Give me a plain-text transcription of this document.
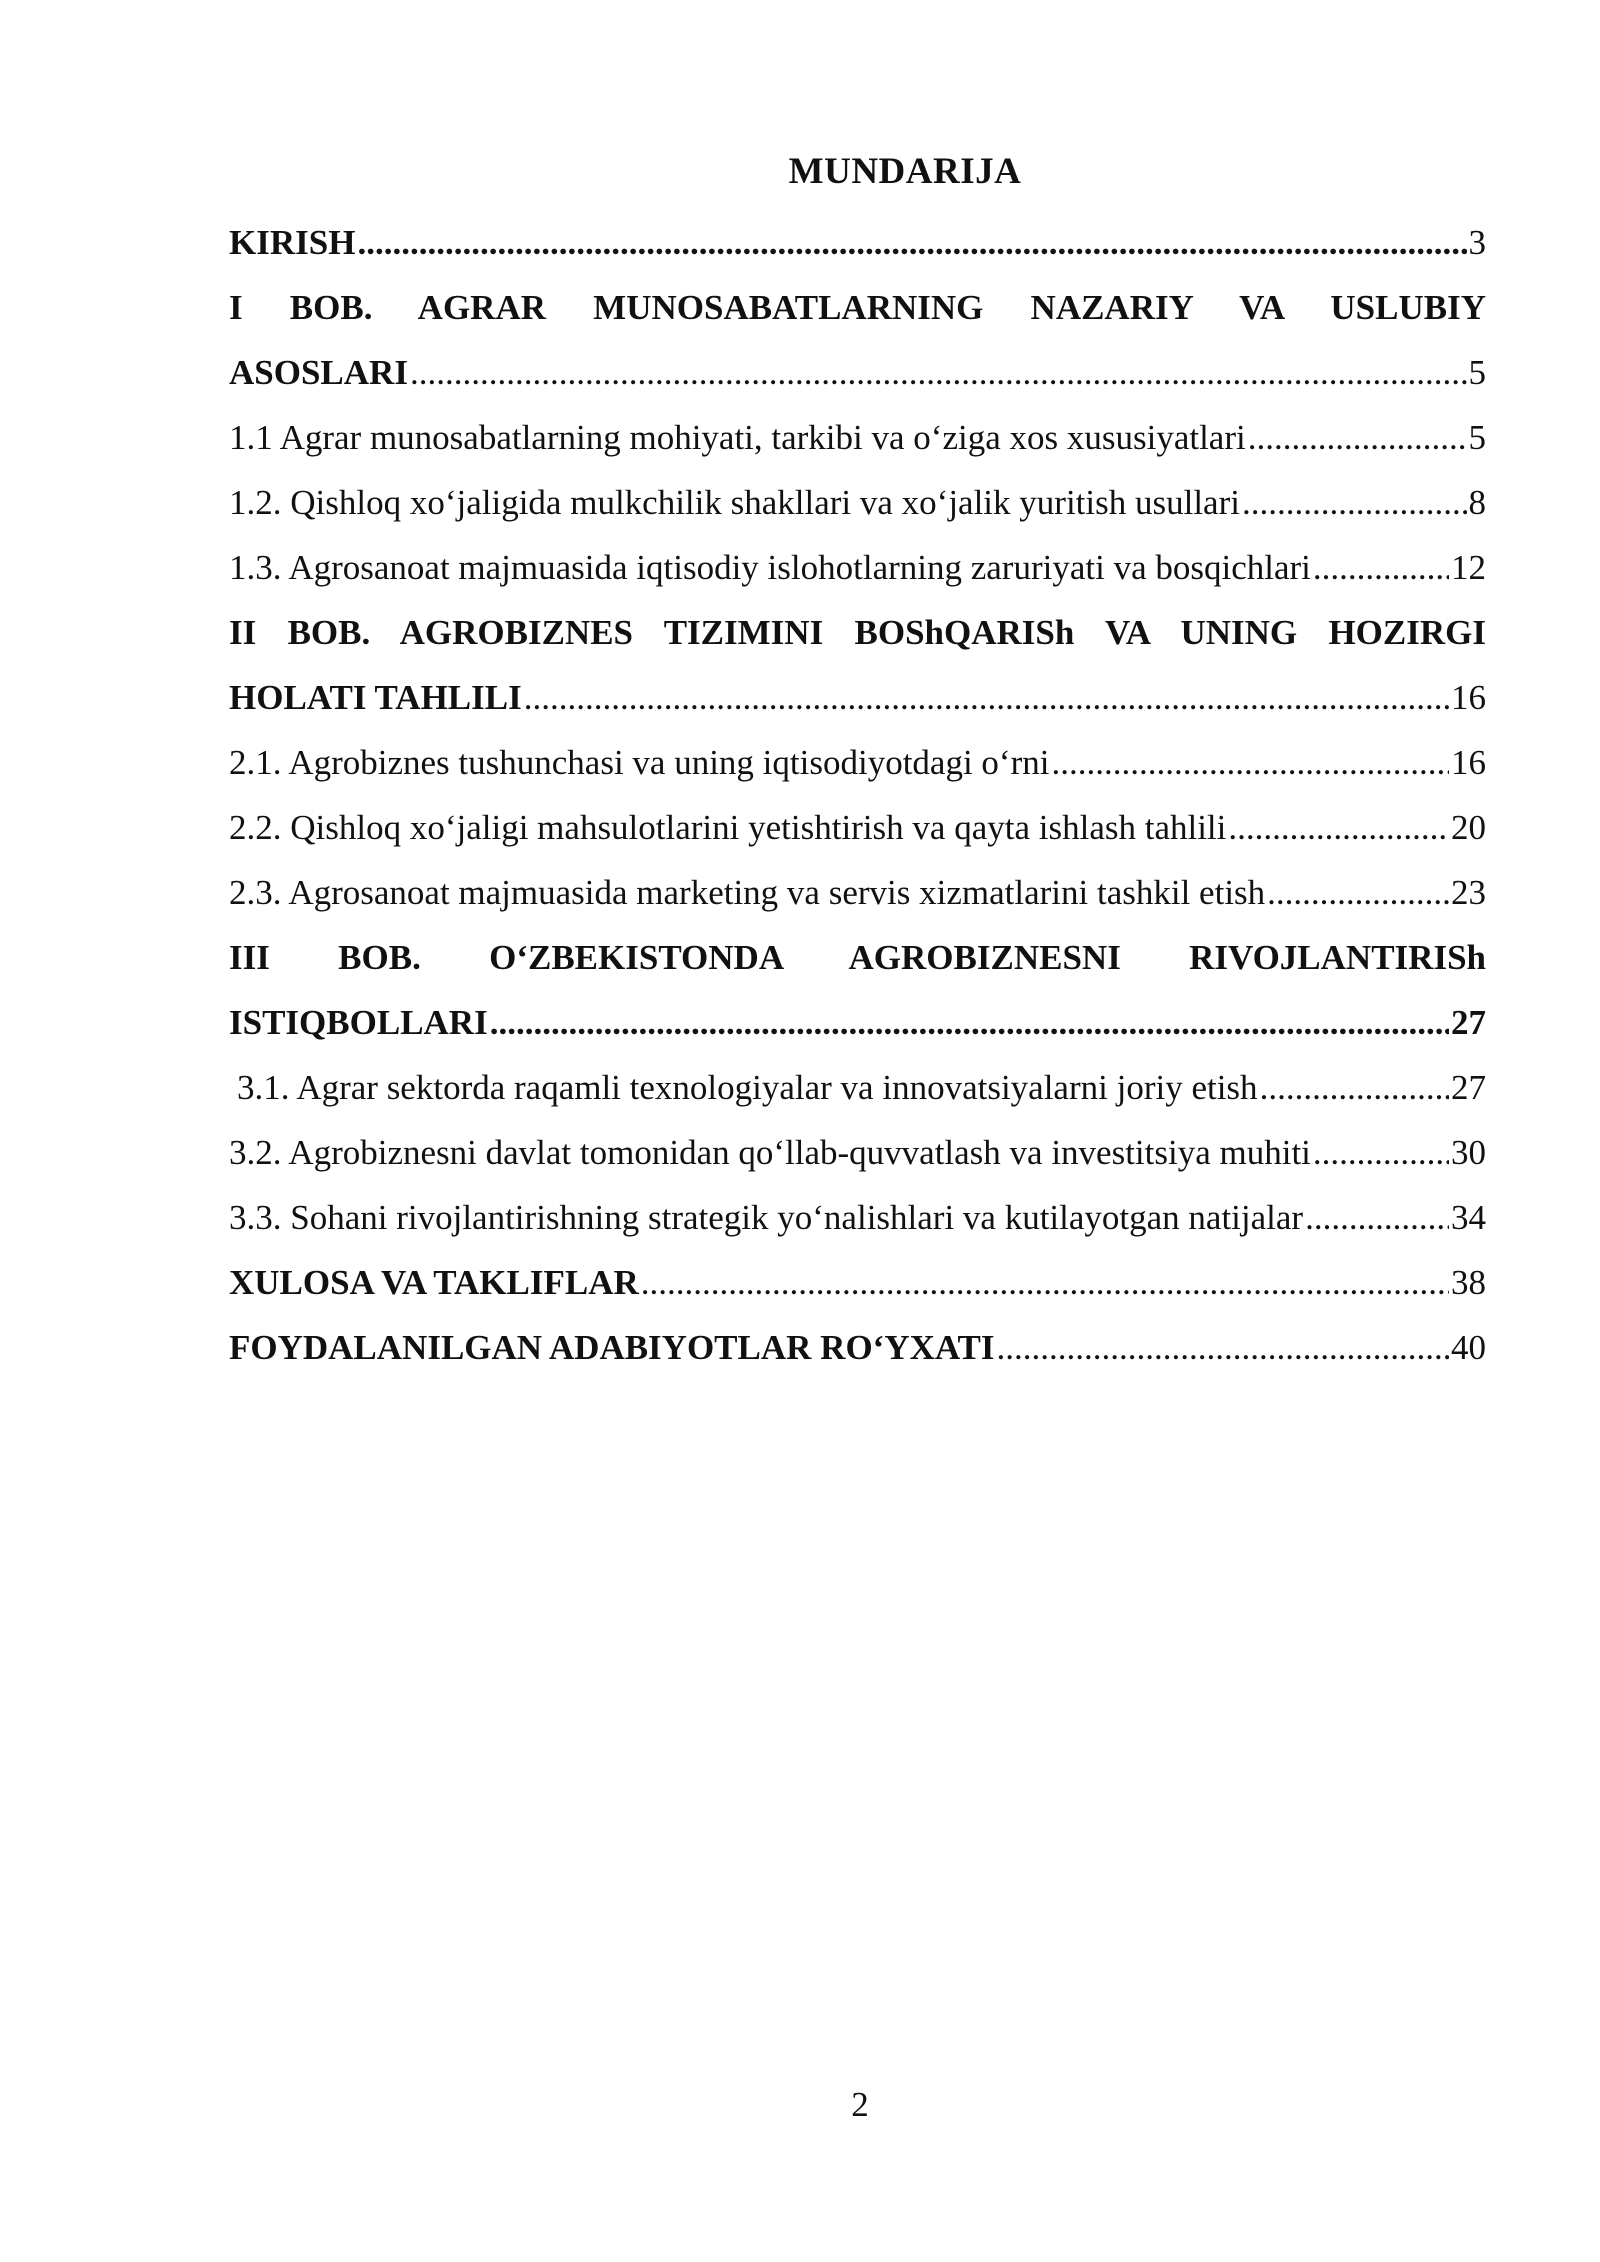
MUNDARIJA
KIRISH .....	3
I BOB. AGRAR MUNOSABATLARNING NAZARIY VA USLUBIY
ASOSLARI .....	5
1.1 Agrar munosabatlarning mohiyati, tarkibi va o‘ziga xos xususiyatlari .....	5
1.2. Qishloq xo‘jaligida mulkchilik shakllari va xo‘jalik yuritish usullari .....	8
1.3. Agrosanoat majmuasida iqtisodiy islohotlarning zaruriyati va bosqichlari .....	12
II BOB. AGROBIZNES TIZIMINI BOShQARISh VA UNING HOZIRGI
HOLATI TAHLILI .....	16
2.1. Agrobiznes tushunchasi va uning iqtisodiyotdagi o‘rni .....	16
2.2. Qishloq xo‘jaligi mahsulotlarini yetishtirish va qayta ishlash tahlili .....	20
2.3. Agrosanoat majmuasida marketing va servis xizmatlarini tashkil etish .....	23
III BOB. O‘ZBEKISTONDA AGROBIZNESNI RIVOJLANTIRISh
ISTIQBOLLARI .....	27
3.1. Agrar sektorda raqamli texnologiyalar va innovatsiyalarni joriy etish .....	27
3.2. Agrobiznesni davlat tomonidan qo‘llab-quvvatlash va investitsiya muhiti .....	30
3.3. Sohani rivojlantirishning strategik yo‘nalishlari va kutilayotgan natijalar .....	34
XULOSA VA TAKLIFLAR .....	38
FOYDALANILGAN ADABIYOTLAR RO‘YXATI .....	40
2
